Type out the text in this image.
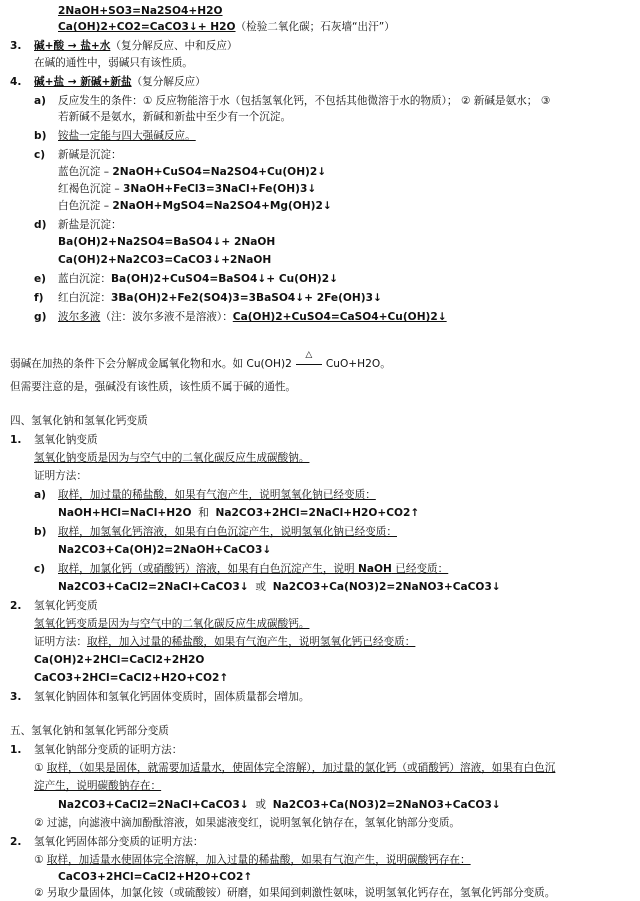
2NaOH+SO3=Na2SO4+H2O
Ca(OH)2+CO2=CaCO3↓+ H2O（检验二氧化碳；石灰墙“出汗”）
3. 碱+酸 → 盐+水（复分解反应、中和反应）
在碱的通性中，弱碱只有该性质。
4. 碱+盐 → 新碱+新盐（复分解反应）
a) 反应发生的条件：① 反应物能溶于水（包括氢氧化钙，不包括其他微溶于水的物质）； ② 新碱是氨水； ③
若新碱不是氨水，新碱和新盐中至少有一个沉淀。
b) 铵盐一定能与四大强碱反应。
c) 新碱是沉淀：
蓝色沉淀 – 2NaOH+CuSO4=Na2SO4+Cu(OH)2↓
红褐色沉淀 – 3NaOH+FeCl3=3NaCl+Fe(OH)3↓
白色沉淀 – 2NaOH+MgSO4=Na2SO4+Mg(OH)2↓
d) 新盐是沉淀：
Ba(OH)2+Na2SO4=BaSO4↓+ 2NaOH
Ca(OH)2+Na2CO3=CaCO3↓+2NaOH
e) 蓝白沉淀：Ba(OH)2+CuSO4=BaSO4↓+ Cu(OH)2↓
f) 红白沉淀：3Ba(OH)2+Fe2(SO4)3=3BaSO4↓+ 2Fe(OH)3↓
g) 波尔多液（注：波尔多液不是溶液）：Ca(OH)2+CuSO4=CaSO4+Cu(OH)2↓
弱碱在加热的条件下会分解成金属氧化物和水。如 Cu(OH)2
△
CuO+H2O。
但需要注意的是，强碱没有该性质，该性质不属于碱的通性。
四、氢氧化钠和氢氧化钙变质
1. 氢氧化钠变质
氢氧化钠变质是因为与空气中的二氧化碳反应生成碳酸钠。
证明方法：
a) 取样，加过量的稀盐酸，如果有气泡产生，说明氢氧化钠已经变质：
NaOH+HCl=NaCl+H2O 和 Na2CO3+2HCl=2NaCl+H2O+CO2↑
b) 取样，加氢氧化钙溶液，如果有白色沉淀产生，说明氢氧化钠已经变质：
Na2CO3+Ca(OH)2=2NaOH+CaCO3↓
c) 取样，加氯化钙（或硝酸钙）溶液，如果有白色沉淀产生，说明 NaOH 已经变质：
Na2CO3+CaCl2=2NaCl+CaCO3↓ 或 Na2CO3+Ca(NO3)2=2NaNO3+CaCO3↓
2. 氢氧化钙变质
氢氧化钙变质是因为与空气中的二氧化碳反应生成碳酸钙。
证明方法：取样，加入过量的稀盐酸，如果有气泡产生，说明氢氧化钙已经变质：
Ca(OH)2+2HCl=CaCl2+2H2O
CaCO3+2HCl=CaCl2+H2O+CO2↑
3. 氢氧化钠固体和氢氧化钙固体变质时，固体质量都会增加。
五、氢氧化钠和氢氧化钙部分变质
1. 氢氧化钠部分变质的证明方法：
① 取样，（如果是固体，就需要加适量水，使固体完全溶解），加过量的氯化钙（或硝酸钙）溶液，如果有白色沉
淀产生，说明碳酸钠存在：
Na2CO3+CaCl2=2NaCl+CaCO3↓ 或 Na2CO3+Ca(NO3)2=2NaNO3+CaCO3↓
② 过滤，向滤液中滴加酚酞溶液，如果滤液变红，说明氢氧化钠存在，氢氧化钠部分变质。
2. 氢氧化钙固体部分变质的证明方法：
① 取样，加适量水使固体完全溶解，加入过量的稀盐酸，如果有气泡产生，说明碳酸钙存在：
CaCO3+2HCl=CaCl2+H2O+CO2↑
② 另取少量固体，加氯化铵（或硫酸铵）研磨，如果闻到刺激性氨味，说明氢氧化钙存在，氢氧化钙部分变质。
